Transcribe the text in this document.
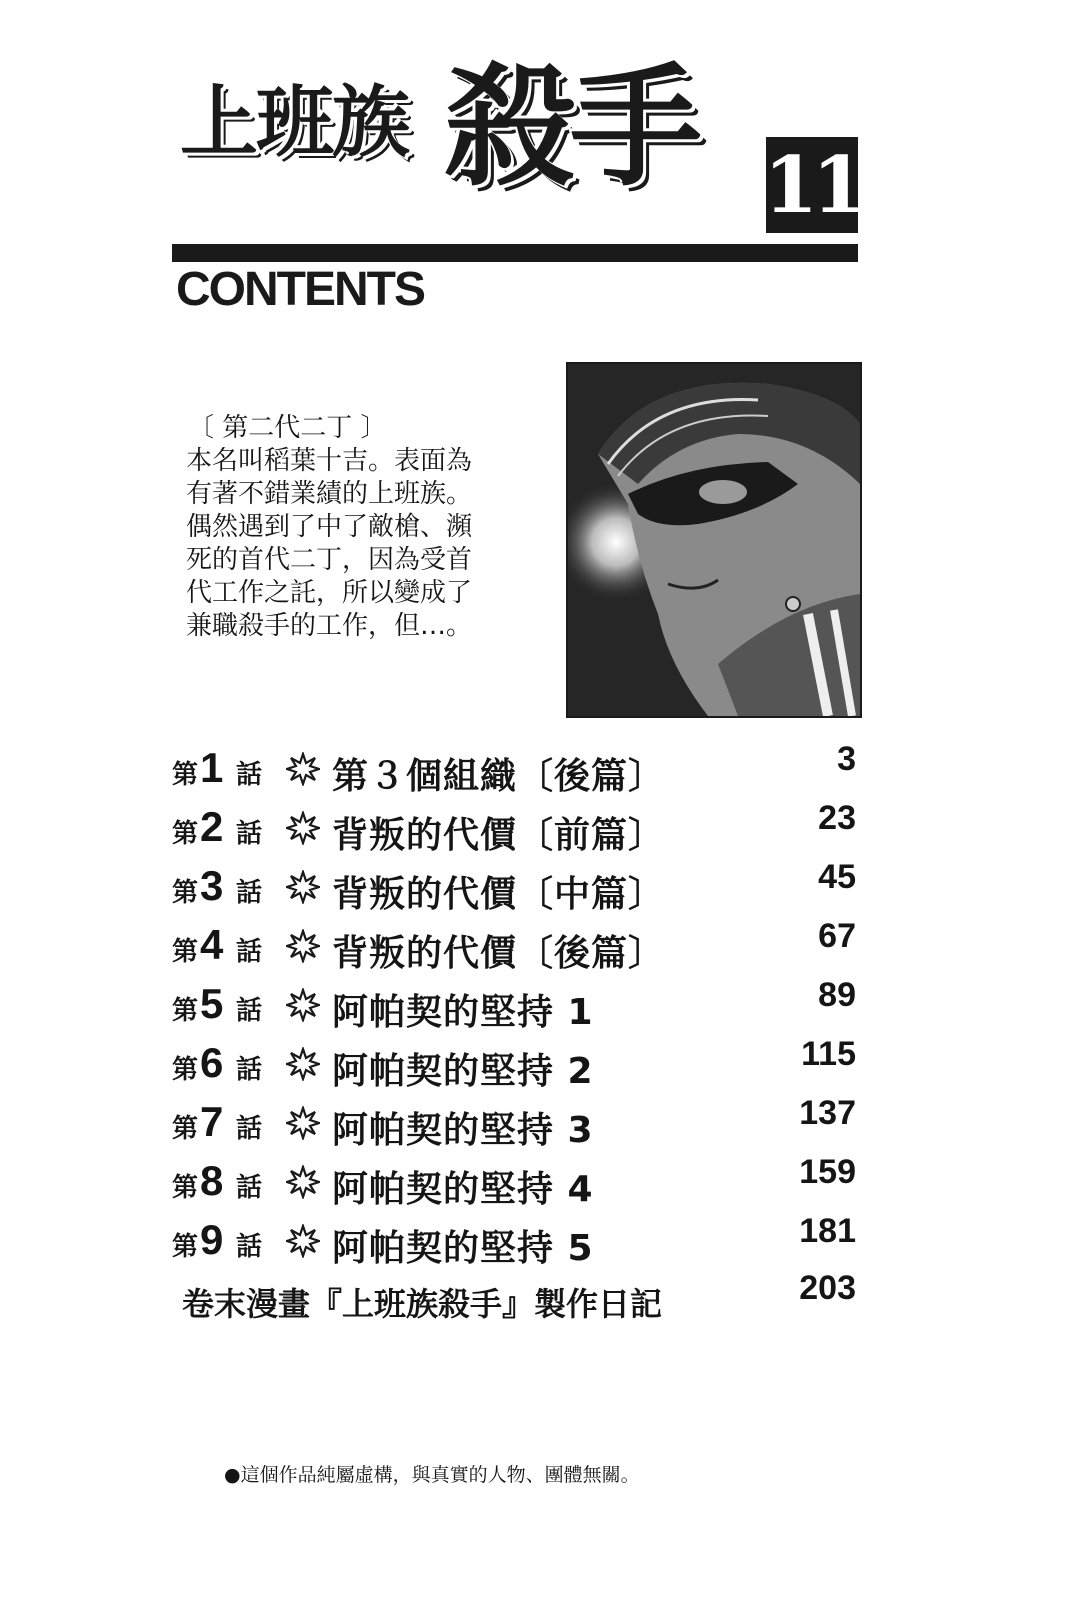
上班族 殺手 11
CONTENTS
〔 第二代二丁 〕
本名叫稻葉十吉。表面為
有著不錯業績的上班族。
偶然遇到了中了敵槍、瀕
死的首代二丁，因為受首
代工作之託，所以變成了
兼職殺手的工作，但…。
第 1 話 第３個組織〔後篇〕	3
第 2 話 背叛的代價〔前篇〕	23
第 3 話 背叛的代價〔中篇〕	45
第 4 話 背叛的代價〔後篇〕	67
第 5 話 阿帕契的堅持 1	89
第 6 話 阿帕契的堅持 2	115
第 7 話 阿帕契的堅持 3	137
第 8 話 阿帕契的堅持 4	159
第 9 話 阿帕契的堅持 5	181
卷末漫畫『上班族殺手』製作日記	203
●這個作品純屬虛構，與真實的人物、團體無關。
